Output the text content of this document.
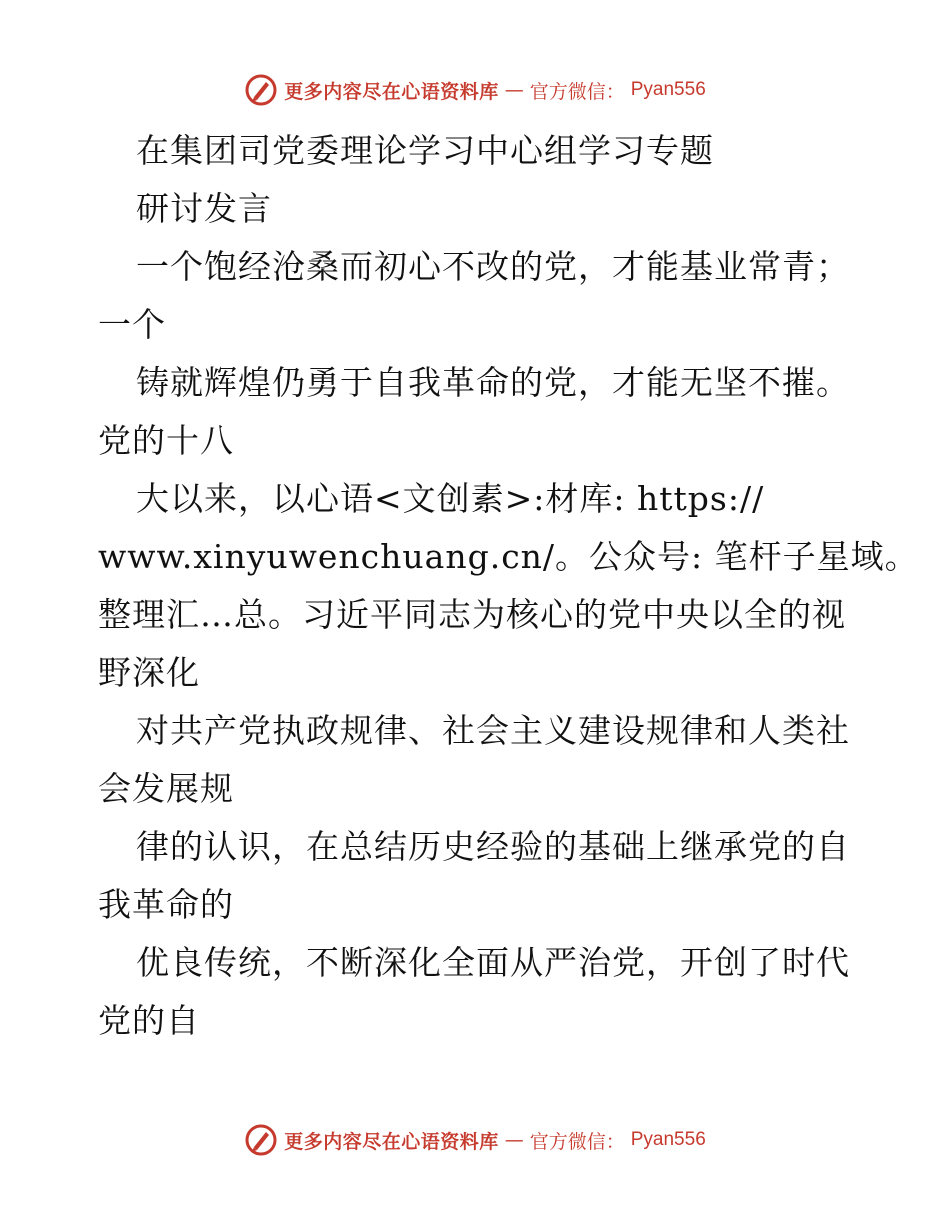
更多内容尽在心语资料库 — 官方微信： Pyan556
在集团司党委理论学习中心组学习专题
研讨发言
一个饱经沧桑而初心不改的党，才能基业常青；
一个
铸就辉煌仍勇于自我革命的党，才能无坚不摧。
党的十八
大以来，以心语<文创素>:材库: https://
www.xinyuwenchuang.cn/。公众号: 笔杆子星域。
整理汇…总。习近平同志为核心的党中央以全的视
野深化
对共产党执政规律、社会主义建设规律和人类社
会发展规
律的认识，在总结历史经验的基础上继承党的自
我革命的
优良传统，不断深化全面从严治党，开创了时代
党的自
更多内容尽在心语资料库 — 官方微信： Pyan556
